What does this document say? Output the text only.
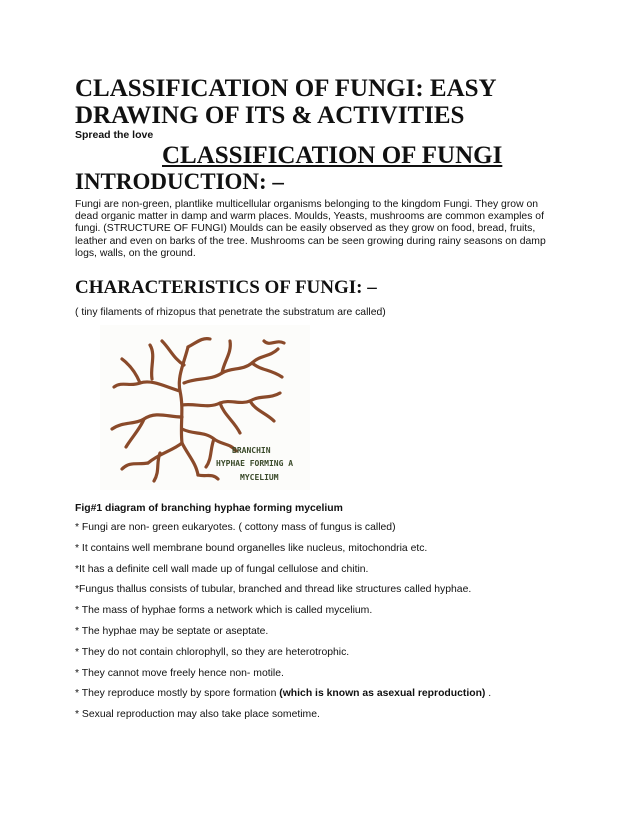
CLASSIFICATION OF FUNGI: EASY DRAWING OF ITS & ACTIVITIES
Spread the love
CLASSIFICATION OF FUNGI
INTRODUCTION: –
Fungi are non-green, plantlike multicellular organisms belonging to the kingdom Fungi. They grow on dead organic matter in damp and warm places. Moulds, Yeasts, mushrooms are common examples of fungi. (STRUCTURE OF FUNGI) Moulds can be easily observed as they grow on food, bread, fruits, leather and even on barks of the tree. Mushrooms can be seen growing during rainy seasons on damp logs, walls, on the ground.
CHARACTERISTICS OF FUNGI: –
( tiny filaments of rhizopus that penetrate the substratum are called)
BRANCHIN
HYPHAE FORMING A
MYCELIUM
Fig#1 diagram of branching hyphae forming mycelium
* Fungi are non- green eukaryotes. ( cottony mass of fungus is called)
* It contains well membrane bound organelles like nucleus, mitochondria etc.
*It has a definite cell wall made up of fungal cellulose and chitin.
*Fungus thallus consists of tubular, branched and thread like structures called hyphae.
* The mass of hyphae forms a network which is called mycelium.
* The hyphae may be septate or aseptate.
* They do not contain chlorophyll, so they are heterotrophic.
* They cannot move freely hence non- motile.
* They reproduce mostly by spore formation (which is known as asexual reproduction) .
* Sexual reproduction may also take place sometime.
